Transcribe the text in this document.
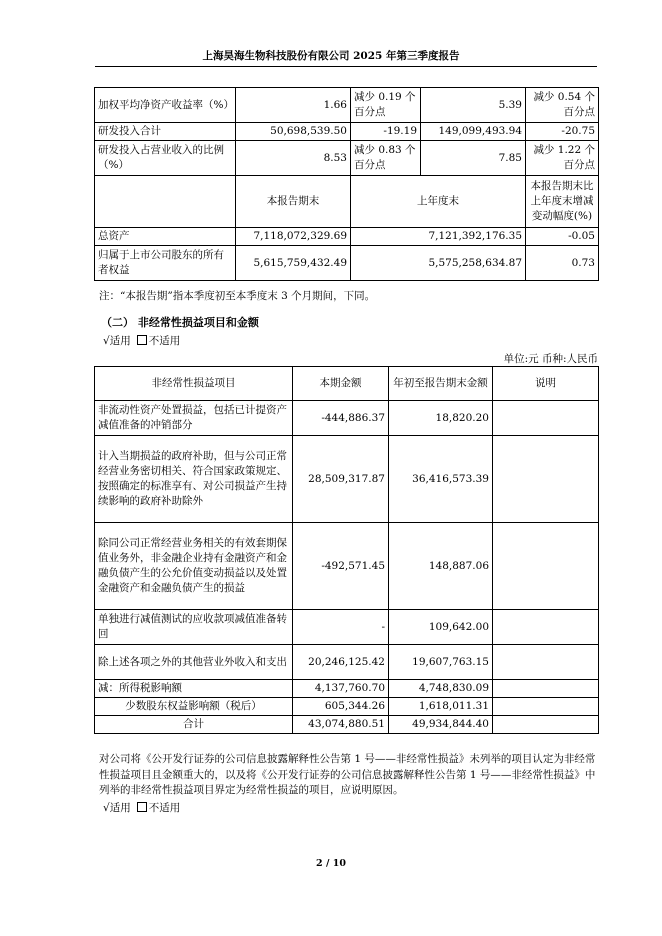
上海昊海生物科技股份有限公司 2025 年第三季度报告
加权平均净资产收益率（%）	1.66	减少 0.19 个百分点	5.39	减少 0.54 个百分点
研发投入合计	50,698,539.50	-19.19	149,099,493.94	-20.75
研发投入占营业收入的比例（%）	8.53	减少 0.83 个百分点	7.85	减少 1.22 个百分点
	本报告期末	上年度末		本报告期末比上年度末增减变动幅度(%)
总资产	7,118,072,329.69	7,121,392,176.35		-0.05
归属于上市公司股东的所有者权益	5,615,759,432.49	5,575,258,634.87		0.73
注：“本报告期”指本季度初至本季度末 3 个月期间，下同。
（二） 非经常性损益项目和金额
√适用 不适用
单位:元 币种:人民币
非经常性损益项目	本期金额	年初至报告期末金额	说明
非流动性资产处置损益，包括已计提资产减值准备的冲销部分	-444,886.37	18,820.20	
计入当期损益的政府补助，但与公司正常经营业务密切相关、符合国家政策规定、按照确定的标准享有、对公司损益产生持续影响的政府补助除外	28,509,317.87	36,416,573.39	
除同公司正常经营业务相关的有效套期保值业务外，非金融企业持有金融资产和金融负债产生的公允价值变动损益以及处置金融资产和金融负债产生的损益	-492,571.45	148,887.06	
单独进行减值测试的应收款项减值准备转回	-	109,642.00	
除上述各项之外的其他营业外收入和支出	20,246,125.42	19,607,763.15	
减：所得税影响额	4,137,760.70	4,748,830.09	
少数股东权益影响额（税后）	605,344.26	1,618,011.31	
合计	43,074,880.51	49,934,844.40	
对公司将《公开发行证券的公司信息披露解释性公告第 1 号——非经常性损益》未列举的项目认定为非经常性损益项目且金额重大的，以及将《公开发行证券的公司信息披露解释性公告第 1 号——非经常性损益》中列举的非经常性损益项目界定为经常性损益的项目，应说明原因。
√适用 不适用
2 / 10
